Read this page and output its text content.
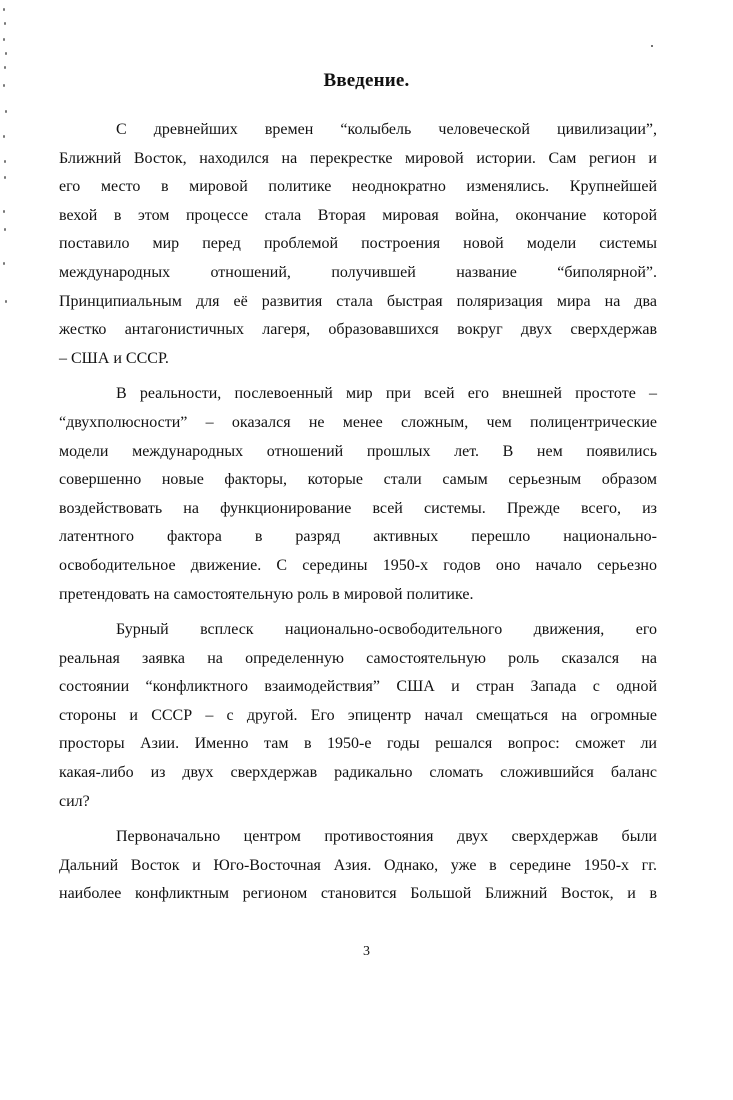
Введение.
С древнейших времен “колыбель человеческой цивилизации”,
Ближний Восток, находился на перекрестке мировой истории. Сам регион и
его место в мировой политике неоднократно изменялись. Крупнейшей
вехой в этом процессе стала Вторая мировая война, окончание которой
поставило мир перед проблемой построения новой модели системы
международных отношений, получившей название “биполярной”.
Принципиальным для её развития стала быстрая поляризация мира на два
жестко антагонистичных лагеря, образовавшихся вокруг двух сверхдержав
– США и СССР.
В реальности, послевоенный мир при всей его внешней простоте –
“двухполюсности” – оказался не менее сложным, чем полицентрические
модели международных отношений прошлых лет. В нем появились
совершенно новые факторы, которые стали самым серьезным образом
воздействовать на функционирование всей системы. Прежде всего, из
латентного фактора в разряд активных перешло национально-
освободительное движение. С середины 1950-х годов оно начало серьезно
претендовать на самостоятельную роль в мировой политике.
Бурный всплеск национально-освободительного движения, его
реальная заявка на определенную самостоятельную роль сказался на
состоянии “конфликтного взаимодействия” США и стран Запада с одной
стороны и СССР – с другой. Его эпицентр начал смещаться на огромные
просторы Азии. Именно там в 1950-е годы решался вопрос: сможет ли
какая-либо из двух сверхдержав радикально сломать сложившийся баланс
сил?
Первоначально центром противостояния двух сверхдержав были
Дальний Восток и Юго-Восточная Азия. Однако, уже в середине 1950-х гг.
наиболее конфликтным регионом становится Большой Ближний Восток, и в
3
